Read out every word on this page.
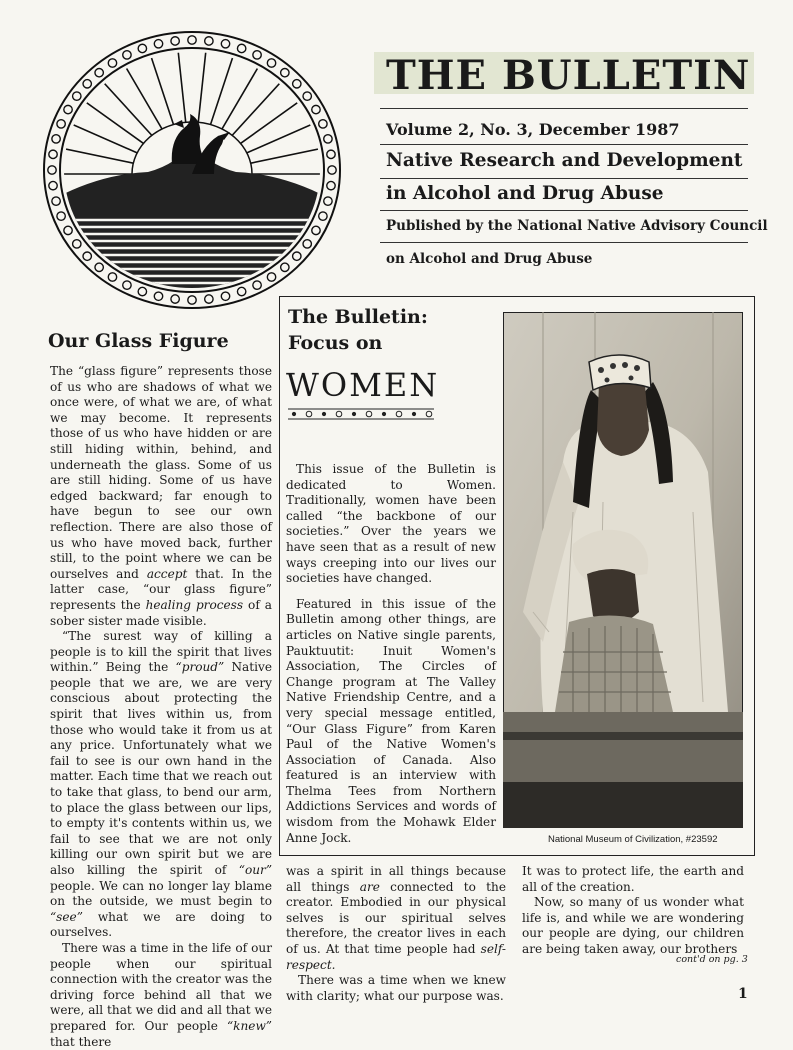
THE BULLETIN
Volume 2, No. 3, December 1987
Native Research and Development
in Alcohol and Drug Abuse
Published by the National Native Advisory Council
on Alcohol and Drug Abuse
Our Glass Figure

The “glass figure” represents those of us who are shadows of what we once were, of what we are, of what we may become. It represents those of us who have hidden or are still hiding within, behind, and underneath the glass. Some of us are still hiding. Some of us have edged backward; far enough to have begun to see our own reflection. There are also those of us who have moved back, further still, to the point where we can be ourselves and accept that. In the latter case, “our glass figure” represents the healing process of a sober sister made visible.

“The surest way of killing a people is to kill the spirit that lives within.” Being the “proud” Native people that we are, we are very conscious about protecting the spirit that lives within us, from those who would take it from us at any price. Unfortunately what we fail to see is our own hand in the matter. Each time that we reach out to take that glass, to bend our arm, to place the glass between our lips, to empty it's contents within us, we fail to see that we are not only killing our own spirit but we are also killing the spirit of “our” people. We can no longer lay blame on the outside, we must begin to “see” what we are doing to ourselves.

There was a time in the life of our people when our spiritual connection with the creator was the driving force behind all that we were, all that we did and all that we prepared for. Our people “knew” that there

The Bulletin:
Focus on
WOMEN

This issue of the Bulletin is dedicated to Women. Traditionally, women have been called “the backbone of our societies.” Over the years we have seen that as a result of new ways creeping into our lives our societies have changed.

Featured in this issue of the Bulletin among other things, are articles on Native single parents, Pauktuutit: Inuit Women's Association, The Circles of Change program at The Valley Native Friendship Centre, and a very special message entitled, “Our Glass Figure” from Karen Paul of the Native Women's Association of Canada. Also featured is an interview with Thelma Tees from Northern Addictions Services and words of wisdom from the Mohawk Elder Anne Jock.	National Museum of Civilization, #23592

was a spirit in all things because all things are connected to the creator. Embodied in our physical selves is our spiritual selves therefore, the creator lives in each of us. At that time people had self-respect.

There was a time when we knew with clarity; what our purpose was.

It was to protect life, the earth and all of the creation.

Now, so many of us wonder what life is, and while we are wondering our people are dying, our children are being taken away, our brothers

cont'd on pg. 3
1
